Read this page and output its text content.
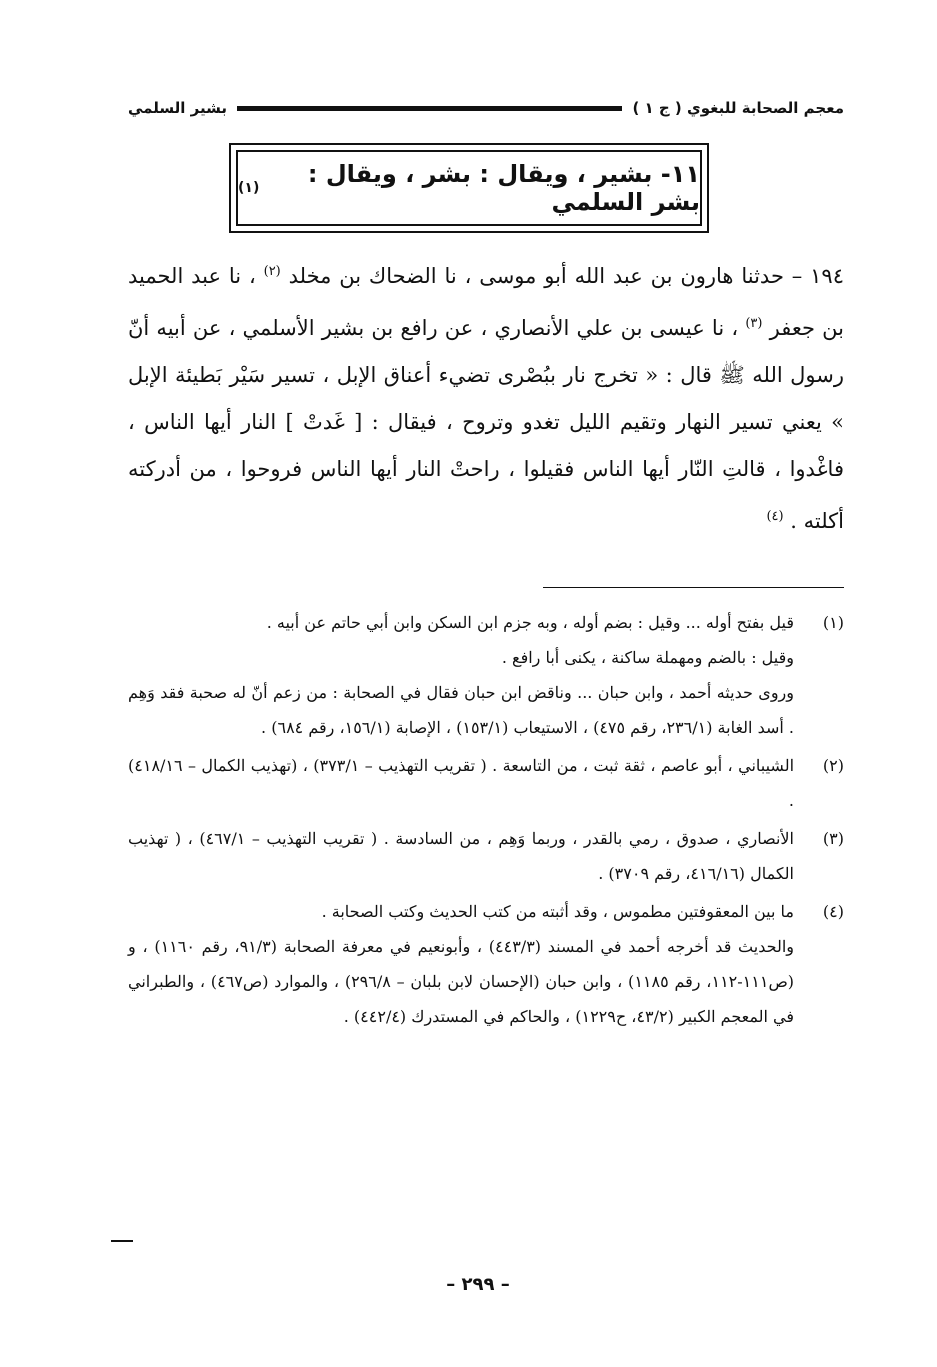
معجم الصحابة للبغوي ( ج ١ )
بشير السلمي
١١- بشير ، ويقال : بشر ، ويقال : بشر السلمي
(١)

١٩٤ – حدثنا هارون بن عبد الله أبو موسى ، نا الضحاك بن مخلد $^{(٢)}$ ، نا عبد الحميد بن جعفر $^{(٣)}$ ، نا عيسى بن علي الأنصاري ، عن رافع بن بشير الأسلمي ، عن أبيه أنّ رسول الله ﷺ قال : « تخرج نار ببُصْرى تضيء أعناق الإبل ، تسير سَيْر بَطيئة الإبل » يعني تسير النهار وتقيم الليل تغدو وتروح ، فيقال : [ غَدتْ ] النار أيها الناس ، فاغْدوا ، قالتِ النّار أيها الناس فقيلوا ، راحتْ النار أيها الناس فروحوا ، من أدركته أكلته . $^{(٤)}$

(١)
قيل بفتح أوله ... وقيل : بضم أوله ، وبه جزم ابن السكن وابن أبي حاتم عن أبيه .
وقيل : بالضم ومهملة ساكنة ، يكنى أبا رافع .
وروى حديثه أحمد ، وابن حبان ... وناقض ابن حبان فقال في الصحابة : من زعم أنّ له صحبة فقد وَهِم . أسد الغابة (٢٣٦/١، رقم ٤٧٥) ، الاستيعاب (١٥٣/١) ، الإصابة (١٥٦/١، رقم ٦٨٤) .
(٢)
الشيباني ، أبو عاصم ، ثقة ثبت ، من التاسعة . ( تقريب التهذيب – ٣٧٣/١) ، (تهذيب الكمال – ٤١٨/١٦) .
(٣)
الأنصاري ، صدوق ، رمي بالقدر ، وربما وَهِم ، من السادسة . ( تقريب التهذيب – ٤٦٧/١) ، ( تهذيب الكمال (٤١٦/١٦، رقم ٣٧٠٩) .
(٤)
ما بين المعقوفتين مطموس ، وقد أثبته من كتب الحديث وكتب الصحابة .
والحديث قد أخرجه أحمد في المسند (٤٤٣/٣) ، وأبونعيم في معرفة الصحابة (٩١/٣، رقم ١١٦٠) ، و (ص١١١-١١٢، رقم ١١٨٥) ، وابن حبان (الإحسان لابن بلبان – ٢٩٦/٨) ، والموارد (ص٤٦٧) ، والطبراني في المعجم الكبير (٤٣/٢، ح١٢٢٩) ، والحاكم في المستدرك (٤٤٢/٤) .
– ٢٩٩ –
